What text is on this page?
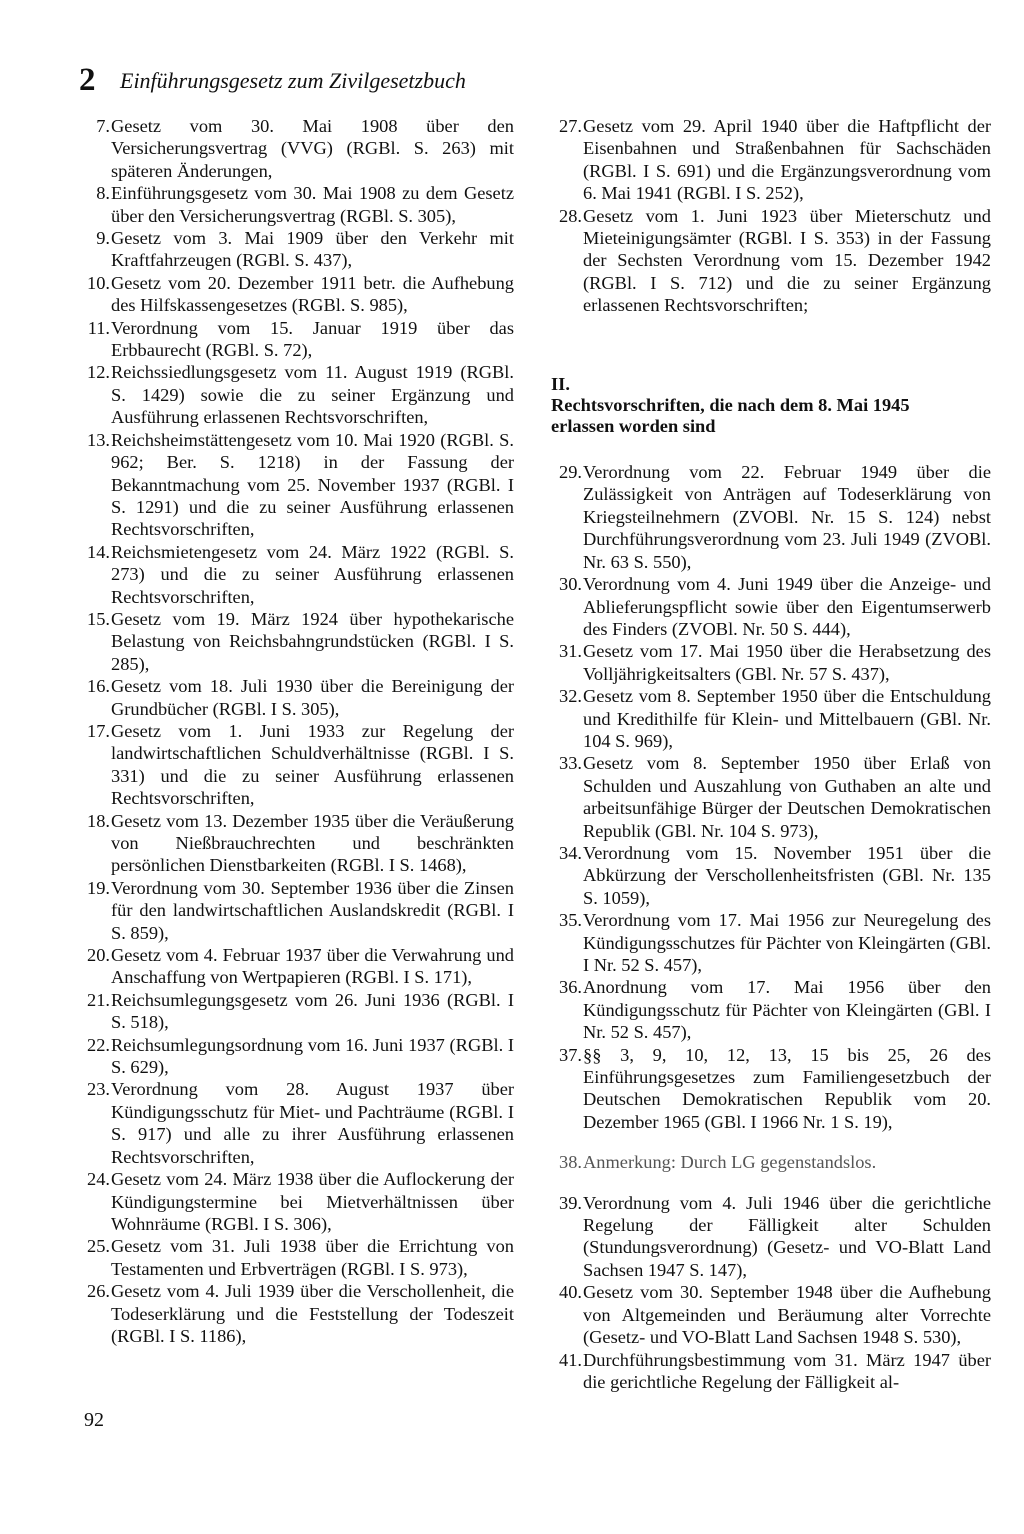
2 Einführungsgesetz zum Zivilgesetzbuch
7. Gesetz vom 30. Mai 1908 über den Versicherungsvertrag (VVG) (RGBl. S. 263) mit späteren Änderungen,
8. Einführungsgesetz vom 30. Mai 1908 zu dem Gesetz über den Versicherungsvertrag (RGBl. S. 305),
9. Gesetz vom 3. Mai 1909 über den Verkehr mit Kraftfahrzeugen (RGBl. S. 437),
10. Gesetz vom 20. Dezember 1911 betr. die Aufhebung des Hilfskassengesetzes (RGBl. S. 985),
11. Verordnung vom 15. Januar 1919 über das Erbbaurecht (RGBl. S. 72),
12. Reichssiedlungsgesetz vom 11. August 1919 (RGBl. S. 1429) sowie die zu seiner Ergänzung und Ausführung erlassenen Rechtsvorschriften,
13. Reichsheimstättengesetz vom 10. Mai 1920 (RGBl. S. 962; Ber. S. 1218) in der Fassung der Bekanntmachung vom 25. November 1937 (RGBl. I S. 1291) und die zu seiner Ausführung erlassenen Rechtsvorschriften,
14. Reichsmietengesetz vom 24. März 1922 (RGBl. S. 273) und die zu seiner Ausführung erlassenen Rechtsvorschriften,
15. Gesetz vom 19. März 1924 über hypothekarische Belastung von Reichsbahngrundstücken (RGBl. I S. 285),
16. Gesetz vom 18. Juli 1930 über die Bereinigung der Grundbücher (RGBl. I S. 305),
17. Gesetz vom 1. Juni 1933 zur Regelung der landwirtschaftlichen Schuldverhältnisse (RGBl. I S. 331) und die zu seiner Ausführung erlassenen Rechtsvorschriften,
18. Gesetz vom 13. Dezember 1935 über die Veräußerung von Nießbrauchrechten und beschränkten persönlichen Dienstbarkeiten (RGBl. I S. 1468),
19. Verordnung vom 30. September 1936 über die Zinsen für den landwirtschaftlichen Auslandskredit (RGBl. I S. 859),
20. Gesetz vom 4. Februar 1937 über die Verwahrung und Anschaffung von Wertpapieren (RGBl. I S. 171),
21. Reichsumlegungsgesetz vom 26. Juni 1936 (RGBl. I S. 518),
22. Reichsumlegungsordnung vom 16. Juni 1937 (RGBl. I S. 629),
23. Verordnung vom 28. August 1937 über Kündigungsschutz für Miet- und Pachträume (RGBl. I S. 917) und alle zu ihrer Ausführung erlassenen Rechtsvorschriften,
24. Gesetz vom 24. März 1938 über die Auflockerung der Kündigungstermine bei Mietverhältnissen über Wohnräume (RGBl. I S. 306),
25. Gesetz vom 31. Juli 1938 über die Errichtung von Testamenten und Erbverträgen (RGBl. I S. 973),
26. Gesetz vom 4. Juli 1939 über die Verschollenheit, die Todeserklärung und die Feststellung der Todeszeit (RGBl. I S. 1186),
27. Gesetz vom 29. April 1940 über die Haftpflicht der Eisenbahnen und Straßenbahnen für Sachschäden (RGBl. I S. 691) und die Ergänzungsverordnung vom 6. Mai 1941 (RGBl. I S. 252),
28. Gesetz vom 1. Juni 1923 über Mieterschutz und Mieteinigungsämter (RGBl. I S. 353) in der Fassung der Sechsten Verordnung vom 15. Dezember 1942 (RGBl. I S. 712) und die zu seiner Ergänzung erlassenen Rechtsvorschriften;
II.
Rechtsvorschriften, die nach dem 8. Mai 1945 erlassen worden sind
29. Verordnung vom 22. Februar 1949 über die Zulässigkeit von Anträgen auf Todeserklärung von Kriegsteilnehmern (ZVOBl. Nr. 15 S. 124) nebst Durchführungsverordnung vom 23. Juli 1949 (ZVOBl. Nr. 63 S. 550),
30. Verordnung vom 4. Juni 1949 über die Anzeige- und Ablieferungspflicht sowie über den Eigentumserwerb des Finders (ZVOBl. Nr. 50 S. 444),
31. Gesetz vom 17. Mai 1950 über die Herabsetzung des Volljährigkeitsalters (GBl. Nr. 57 S. 437),
32. Gesetz vom 8. September 1950 über die Entschuldung und Kredithilfe für Klein- und Mittelbauern (GBl. Nr. 104 S. 969),
33. Gesetz vom 8. September 1950 über Erlaß von Schulden und Auszahlung von Guthaben an alte und arbeitsunfähige Bürger der Deutschen Demokratischen Republik (GBl. Nr. 104 S. 973),
34. Verordnung vom 15. November 1951 über die Abkürzung der Verschollenheitsfristen (GBl. Nr. 135 S. 1059),
35. Verordnung vom 17. Mai 1956 zur Neuregelung des Kündigungsschutzes für Pächter von Kleingärten (GBl. I Nr. 52 S. 457),
36. Anordnung vom 17. Mai 1956 über den Kündigungsschutz für Pächter von Kleingärten (GBl. I Nr. 52 S. 457),
37. §§ 3, 9, 10, 12, 13, 15 bis 25, 26 des Einführungsgesetzes zum Familiengesetzbuch der Deutschen Demokratischen Republik vom 20. Dezember 1965 (GBl. I 1966 Nr. 1 S. 19),
38. Anmerkung: Durch LG gegenstandslos.
39. Verordnung vom 4. Juli 1946 über die gerichtliche Regelung der Fälligkeit alter Schulden (Stundungsverordnung) (Gesetz- und VO-Blatt Land Sachsen 1947 S. 147),
40. Gesetz vom 30. September 1948 über die Aufhebung von Altgemeinden und Beräumung alter Vorrechte (Gesetz- und VO-Blatt Land Sachsen 1948 S. 530),
41. Durchführungsbestimmung vom 31. März 1947 über die gerichtliche Regelung der Fälligkeit al-
92
